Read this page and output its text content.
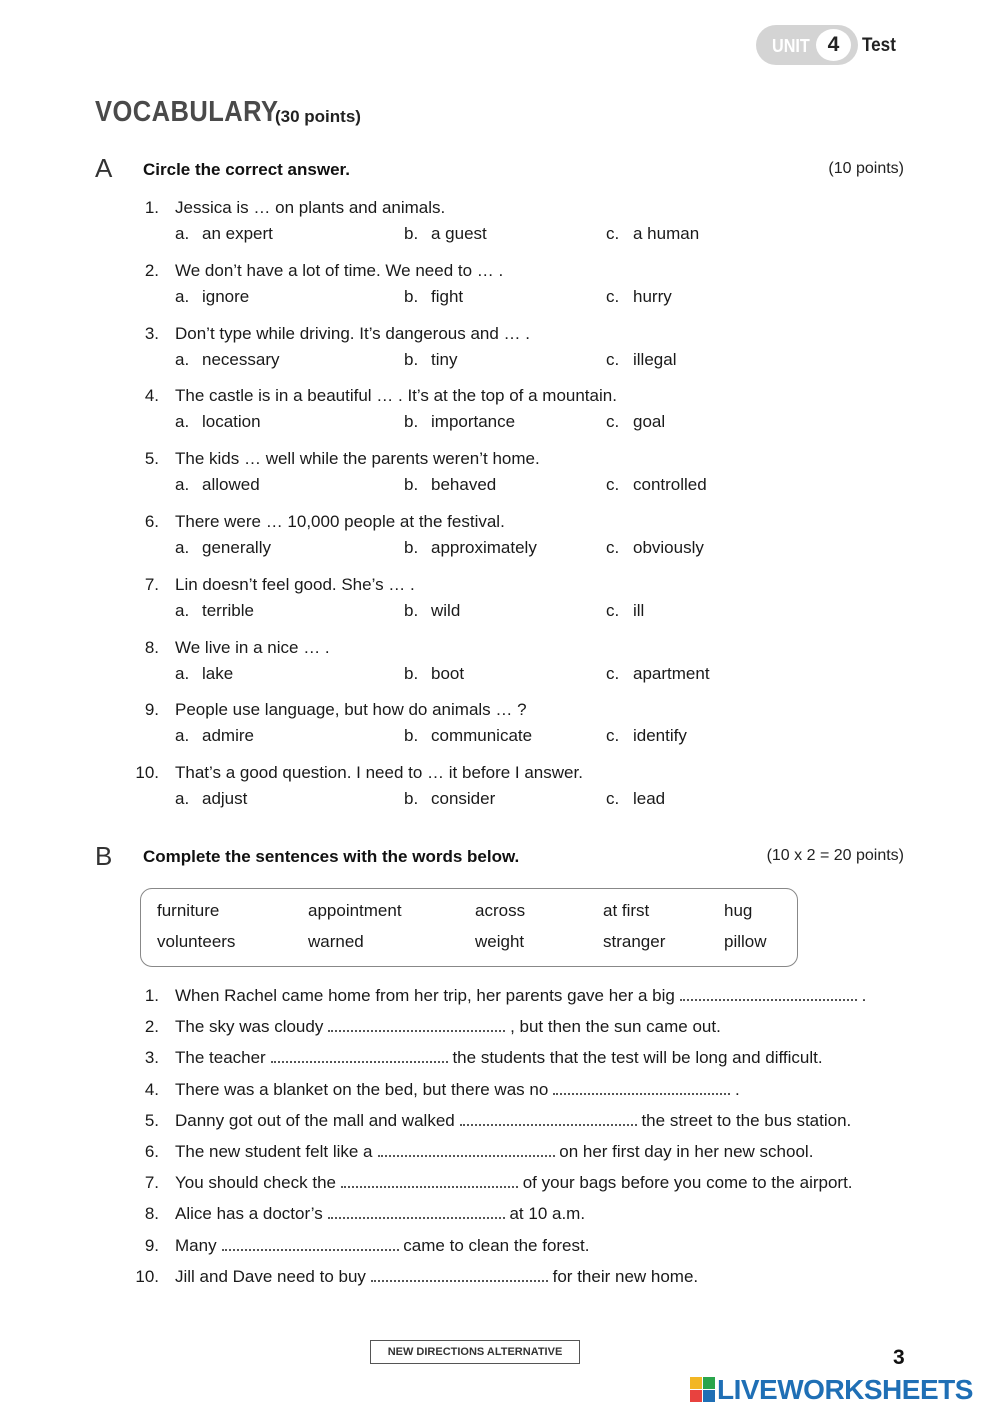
UNIT 4	Test
VOCABULARY
(30 points)
A Circle the correct answer.	(10 points)
1. Jessica is … on plants and animals.
a. an expert	b. a guest	c. a human
2. We don’t have a lot of time. We need to … .
a. ignore	b. fight	c. hurry
3. Don’t type while driving. It’s dangerous and … .
a. necessary	b. tiny	c. illegal
4. The castle is in a beautiful … . It’s at the top of a mountain.
a. location	b. importance	c. goal
5. The kids … well while the parents weren’t home.
a. allowed	b. behaved	c. controlled
6. There were … 10,000 people at the festival.
a. generally	b. approximately	c. obviously
7. Lin doesn’t feel good. She’s … .
a. terrible	b. wild	c. ill
8. We live in a nice … .
a. lake	b. boot	c. apartment
9. People use language, but how do animals … ?
a. admire	b. communicate	c. identify
10. That’s a good question. I need to … it before I answer.
a. adjust	b. consider	c. lead
B Complete the sentences with the words below.	(10 x 2 = 20 points)
furniture	appointment	across	at first	hug
volunteers	warned	weight	stranger	pillow
1. When Rachel came home from her trip, her parents gave her a big	.
2. The sky was cloudy	, but then the sun came out.
3. The teacher	the students that the test will be long and difficult.
4. There was a blanket on the bed, but there was no	.
5. Danny got out of the mall and walked	the street to the bus station.
6. The new student felt like a	on her first day in her new school.
7. You should check the	of your bags before you come to the airport.
8. Alice has a doctor’s	at 10 a.m.
9. Many	came to clean the forest.
10. Jill and Dave need to buy	for their new home.
NEW DIRECTIONS ALTERNATIVE	3
LIVEWORKSHEETS
